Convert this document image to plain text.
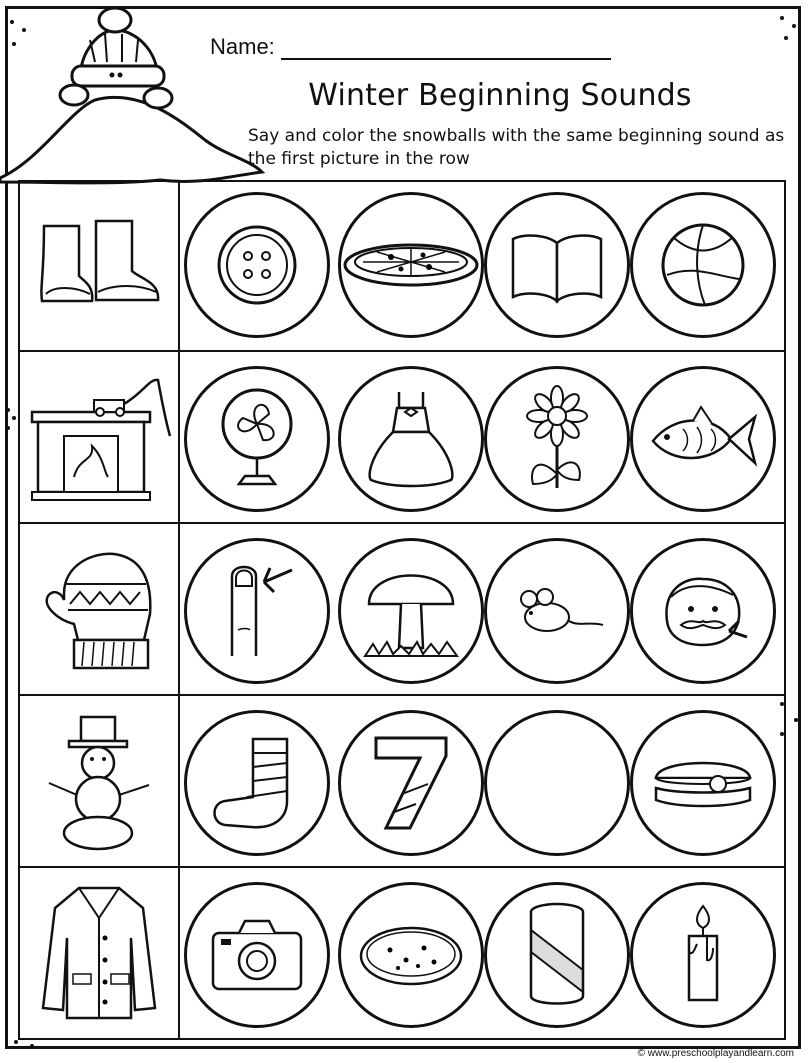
Name:
Winter Beginning Sounds
Say and color the snowballs with the same beginning sound as the first picture in the row
© www.preschoolplayandlearn.com
